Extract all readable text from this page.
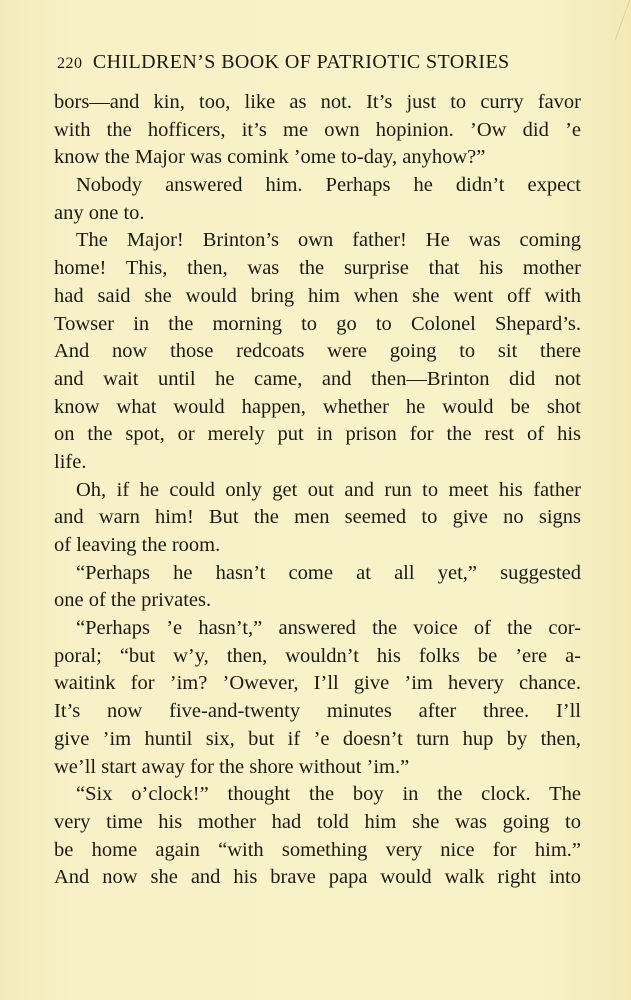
220 CHILDREN’S BOOK OF PATRIOTIC STORIES
bors—and kin, too, like as not. It’s just to curry favor
with the hofficers, it’s me own hopinion. ’Ow did ’e
know the Major was comink ’ome to-day, anyhow?”
Nobody answered him. Perhaps he didn’t expect
any one to.
The Major! Brinton’s own father! He was coming
home! This, then, was the surprise that his mother
had said she would bring him when she went off with
Towser in the morning to go to Colonel Shepard’s.
And now those redcoats were going to sit there
and wait until he came, and then—Brinton did not
know what would happen, whether he would be shot
on the spot, or merely put in prison for the rest of his
life.
Oh, if he could only get out and run to meet his father
and warn him! But the men seemed to give no signs
of leaving the room.
“Perhaps he hasn’t come at all yet,” suggested
one of the privates.
“Perhaps ’e hasn’t,” answered the voice of the cor-
poral; “but w’y, then, wouldn’t his folks be ’ere a-
waitink for ’im? ’Owever, I’ll give ’im hevery chance.
It’s now five-and-twenty minutes after three. I’ll
give ’im huntil six, but if ’e doesn’t turn hup by then,
we’ll start away for the shore without ’im.”
“Six o’clock!” thought the boy in the clock. The
very time his mother had told him she was going to
be home again “with something very nice for him.”
And now she and his brave papa would walk right into
